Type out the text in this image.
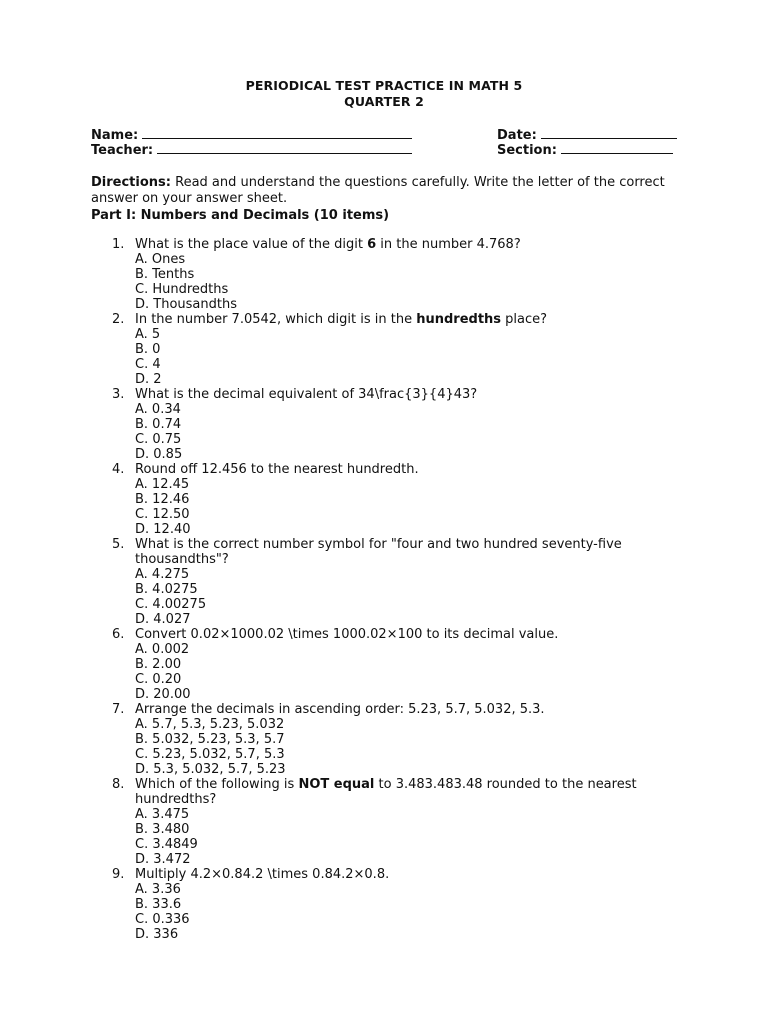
PERIODICAL TEST PRACTICE IN MATH 5
QUARTER 2
Name:	Date:
Teacher:	Section:
Directions: Read and understand the questions carefully. Write the letter of the correct answer on your answer sheet.
Part I: Numbers and Decimals (10 items)
1. What is the place value of the digit 6 in the number 4.768?
A. Ones
B. Tenths
C. Hundredths
D. Thousandths
2. In the number 7.0542, which digit is in the hundredths place?
A. 5
B. 0
C. 4
D. 2
3. What is the decimal equivalent of 34\frac{3}{4}43?
A. 0.34
B. 0.74
C. 0.75
D. 0.85
4. Round off 12.456 to the nearest hundredth.
A. 12.45
B. 12.46
C. 12.50
D. 12.40
5. What is the correct number symbol for "four and two hundred seventy-five thousandths"?
A. 4.275
B. 4.0275
C. 4.00275
D. 4.027
6. Convert 0.02×1000.02 \times 1000.02×100 to its decimal value.
A. 0.002
B. 2.00
C. 0.20
D. 20.00
7. Arrange the decimals in ascending order: 5.23, 5.7, 5.032, 5.3.
A. 5.7, 5.3, 5.23, 5.032
B. 5.032, 5.23, 5.3, 5.7
C. 5.23, 5.032, 5.7, 5.3
D. 5.3, 5.032, 5.7, 5.23
8. Which of the following is NOT equal to 3.483.483.48 rounded to the nearest hundredths?
A. 3.475
B. 3.480
C. 3.4849
D. 3.472
9. Multiply 4.2×0.84.2 \times 0.84.2×0.8.
A. 3.36
B. 33.6
C. 0.336
D. 336
